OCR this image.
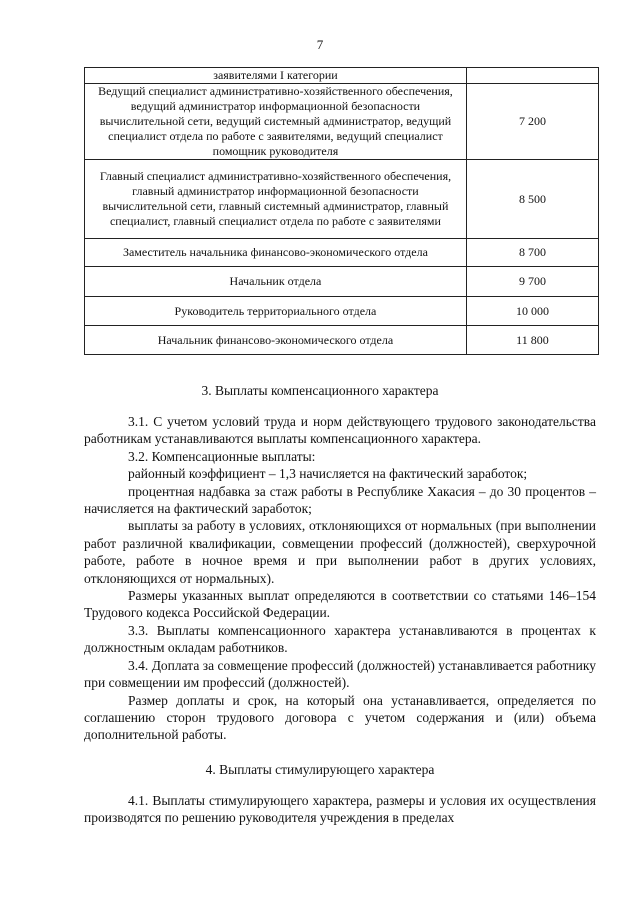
7
заявителями I категории	
Ведущий специалист административно-хозяйственного обеспечения, ведущий администратор информационной безопасности вычислительной сети, ведущий системный администратор, ведущий специалист отдела по работе с заявителями, ведущий специалист помощник руководителя	7 200
Главный специалист административно-хозяйственного обеспечения, главный администратор информационной безопасности вычислительной сети, главный системный администратор, главный специалист, главный специалист отдела по работе с заявителями	8 500
Заместитель начальника финансово-экономического отдела	8 700
Начальник отдела	9 700
Руководитель территориального отдела	10 000
Начальник финансово-экономического отдела	11 800
3. Выплаты компенсационного характера

3.1. С учетом условий труда и норм действующего трудового законодательства работникам устанавливаются выплаты компенсационного характера.

3.2. Компенсационные выплаты:

районный коэффициент – 1,3 начисляется на фактический заработок;

процентная надбавка за стаж работы в Республике Хакасия – до 30 процентов – начисляется на фактический заработок;

выплаты за работу в условиях, отклоняющихся от нормальных (при выполнении работ различной квалификации, совмещении профессий (должностей), сверхурочной работе, работе в ночное время и при выполнении работ в других условиях, отклоняющихся от нормальных).

Размеры указанных выплат определяются в соответствии со статьями 146–154 Трудового кодекса Российской Федерации.

3.3. Выплаты компенсационного характера устанавливаются в процентах к должностным окладам работников.

3.4. Доплата за совмещение профессий (должностей) устанавливается работнику при совмещении им профессий (должностей).

Размер доплаты и срок, на который она устанавливается, определяется по соглашению сторон трудового договора с учетом содержания и (или) объема дополнительной работы.

4. Выплаты стимулирующего характера

4.1. Выплаты стимулирующего характера, размеры и условия их осуществления производятся по решению руководителя учреждения в пределах
